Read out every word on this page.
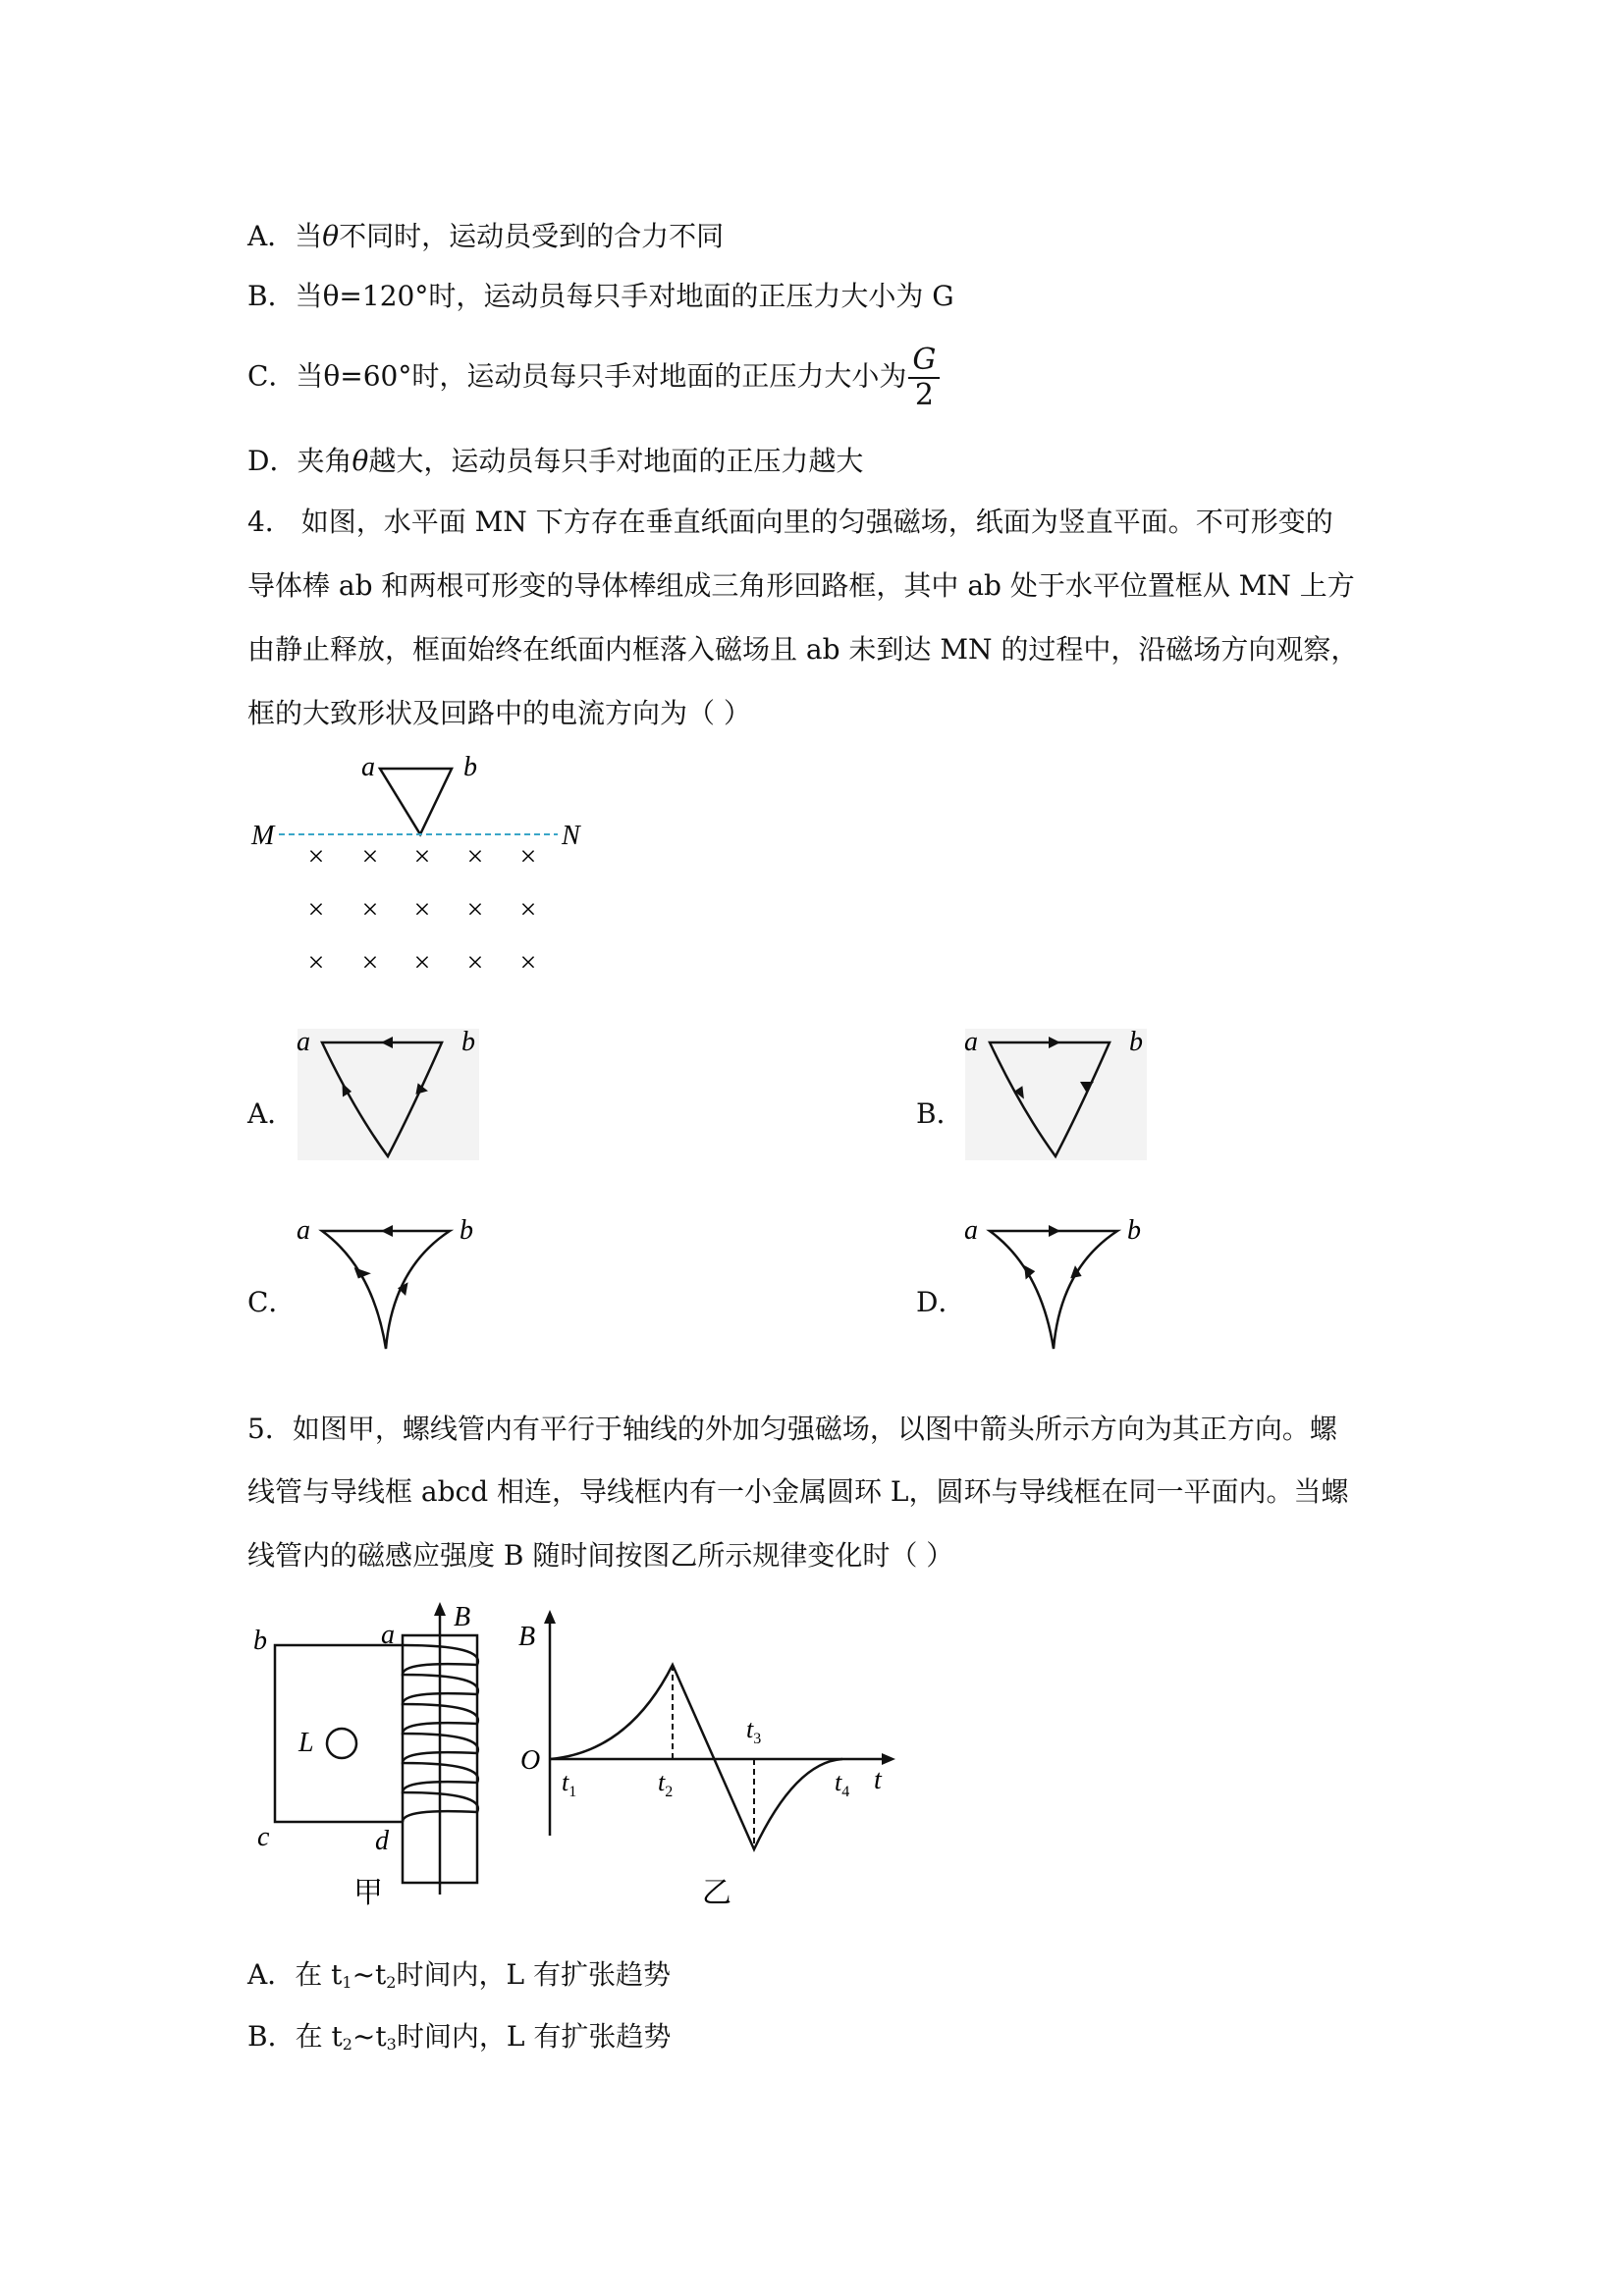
A．当θ不同时，运动员受到的合力不同
B．当θ=120°时，运动员每只手对地面的正压力大小为 G
C．当θ=60°时，运动员每只手对地面的正压力大小为 $\frac{G}{2}$
D．夹角θ越大，运动员每只手对地面的正压力越大
4． 如图，水平面 MN 下方存在垂直纸面向里的匀强磁场，纸面为竖直平面。不可形变的
导体棒 ab 和两根可形变的导体棒组成三角形回路框，其中 ab 处于水平位置框从 MN 上方
由静止释放，框面始终在纸面内框落入磁场且 ab 未到达 MN 的过程中，沿磁场方向观察，
框的大致形状及回路中的电流方向为（ ）
a	b
M	N
× × × × ×
× × × × ×
× × × × ×
A．	B．
C．	D．
a	b	a	b
a	b	a	b
5．如图甲，螺线管内有平行于轴线的外加匀强磁场，以图中箭头所示方向为其正方向。螺
线管与导线框 abcd 相连，导线框内有一小金属圆环 L，圆环与导线框在同一平面内。当螺
线管内的磁感应强度 B 随时间按图乙所示规律变化时（ ）
b	a
B
c	d
L
甲
B
O
t
$t_1$	$t_2$
$t_3$
$t_4$
乙
A．在 $t_1\sim t_2$时间内，L 有扩张趋势
B．在 $t_2\sim t_3$时间内，L 有扩张趋势
